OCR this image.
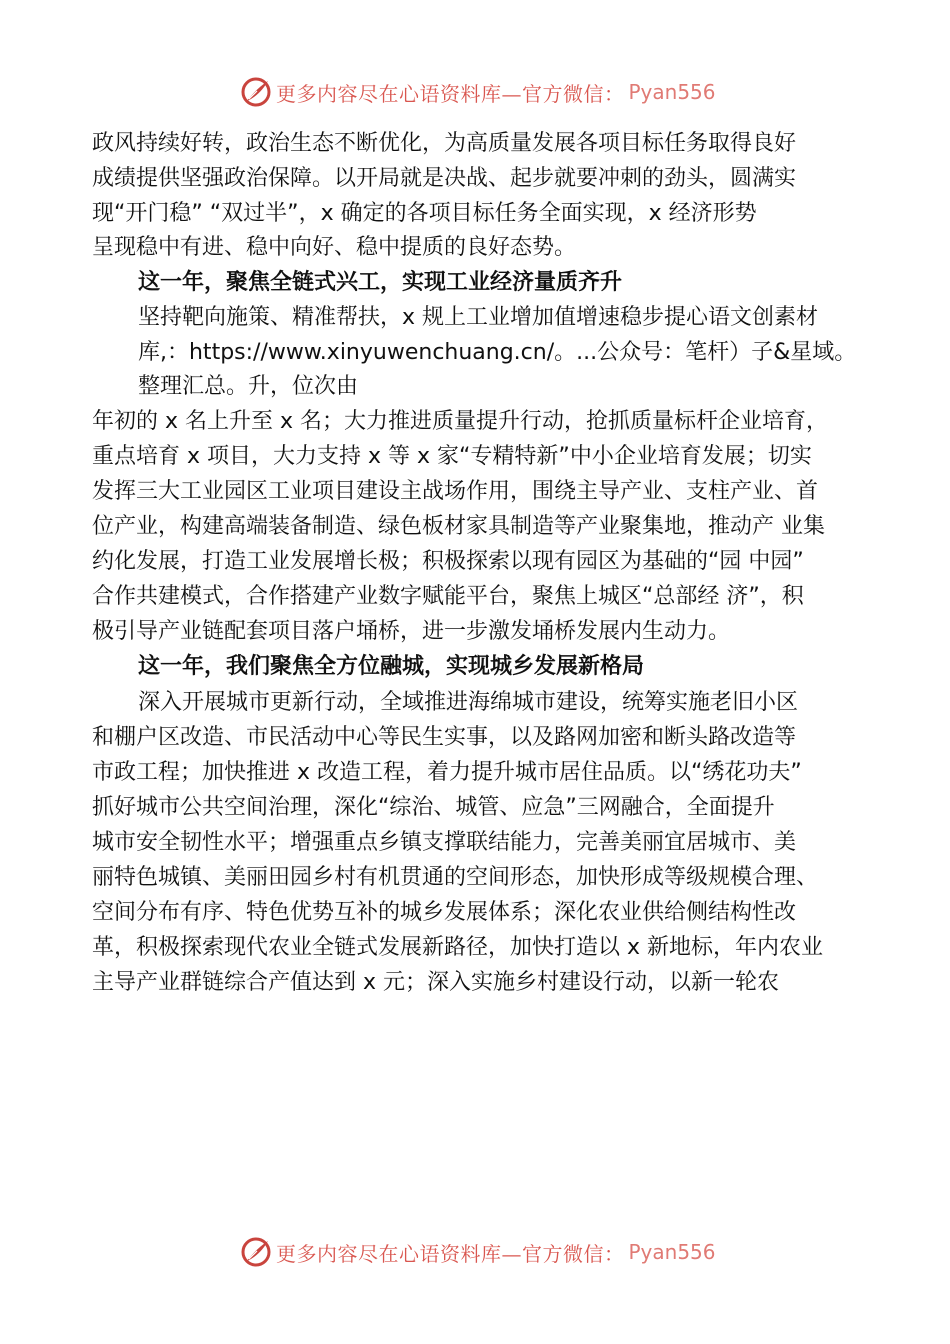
更多内容尽在心语资料库—官方微信： Pyan556
政风持续好转，政治生态不断优化，为高质量发展各项目标任务取得良好
成绩提供坚强政治保障。以开局就是决战、起步就要冲刺的劲头，圆满实
现“开门稳” “双过半”，x 确定的各项目标任务全面实现，x 经济形势
呈现稳中有进、稳中向好、稳中提质的良好态势。
这一年，聚焦全链式兴工，实现工业经济量质齐升
坚持靶向施策、精准帮扶，x 规上工业增加值增速稳步提心语文创素材
库,：https://www.xinyuwenchuang.cn/。...公众号：笔杆）子&星域。
整理汇总。升，位次由
年初的 x 名上升至 x 名；大力推进质量提升行动，抢抓质量标杆企业培育，
重点培育 x 项目，大力支持 x 等 x 家“专精特新”中小企业培育发展；切实
发挥三大工业园区工业项目建设主战场作用，围绕主导产业、支柱产业、首
位产业，构建高端装备制造、绿色板材家具制造等产业聚集地，推动产 业集
约化发展，打造工业发展增长极；积极探索以现有园区为基础的“园 中园”
合作共建模式，合作搭建产业数字赋能平台，聚焦上城区“总部经 济”，积
极引导产业链配套项目落户埇桥，进一步激发埇桥发展内生动力。
这一年，我们聚焦全方位融城，实现城乡发展新格局
深入开展城市更新行动，全域推进海绵城市建设，统筹实施老旧小区
和棚户区改造、市民活动中心等民生实事，以及路网加密和断头路改造等
市政工程；加快推进 x 改造工程，着力提升城市居住品质。以“绣花功夫”
抓好城市公共空间治理，深化“综治、城管、应急”三网融合，全面提升
城市安全韧性水平；增强重点乡镇支撑联结能力，完善美丽宜居城市、美
丽特色城镇、美丽田园乡村有机贯通的空间形态，加快形成等级规模合理、
空间分布有序、特色优势互补的城乡发展体系；深化农业供给侧结构性改
革，积极探索现代农业全链式发展新路径，加快打造以 x 新地标，年内农业
主导产业群链综合产值达到 x 元；深入实施乡村建设行动，以新一轮农
更多内容尽在心语资料库—官方微信： Pyan556
